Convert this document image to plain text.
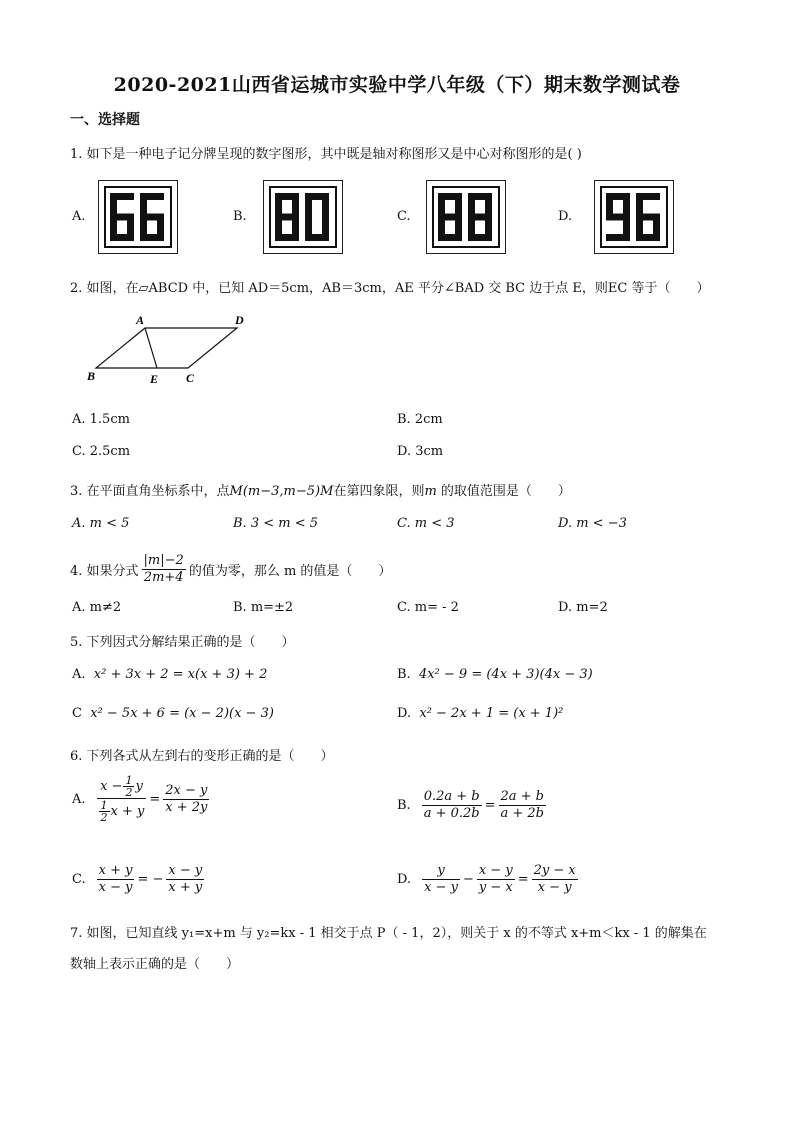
2020-2021山西省运城市实验中学八年级（下）期末数学测试卷
一、选择题
1. 如下是一种电子记分牌呈现的数字图形，其中既是轴对称图形又是中心对称图形的是( )
A.	B.	C.	D.
2. 如图，在▱ABCD 中，已知 AD＝5cm，AB＝3cm，AE 平分∠BAD 交 BC 边于点 E，则EC 等于（　　）
A	D
B	E C
A. 1.5cm	B. 2cm
C. 2.5cm	D. 3cm
3. 在平面直角坐标系中，点M(m−3,m−5)M在第四象限，则m 的取值范围是（　　）
A. m < 5	B. 3 < m < 5	C. m < 3	D. m < −3
4. 如果分式 $\frac{|m|-2}{2m+4}$ 的值为零，那么 m 的值是（　　）
A. m≠2	B. m=±2	C. m= - 2	D. m=2
5. 下列因式分解结果正确的是（　　）
A. x² + 3x + 2 = x(x + 3) + 2	B. 4x² − 9 = (4x + 3)(4x − 3)
C x² − 5x + 6 = (x − 2)(x − 3)	D. x² − 2x + 1 = (x + 1)²
6. 下列各式从左到右的变形正确的是（　　）
A. $\frac{x - \frac{1}{2} y}{\frac{1}{2} x + y} = \frac{2x - y}{x + 2y}$	B. $\frac{0.2a + b}{a + 0.2b} = \frac{2a + b}{a + 2b}$
C. $\frac{x + y}{x - y}$ = − $\frac{x - y}{x + y}$	D. $\frac{y}{x - y} - \frac{x - y}{y - x} = \frac{2y - x}{x - y}$
7. 如图，已知直线 y₁=x+m 与 y₂=kx - 1 相交于点 P（ - 1，2），则关于 x 的不等式 x+m＜kx - 1 的解集在
数轴上表示正确的是（　　）
